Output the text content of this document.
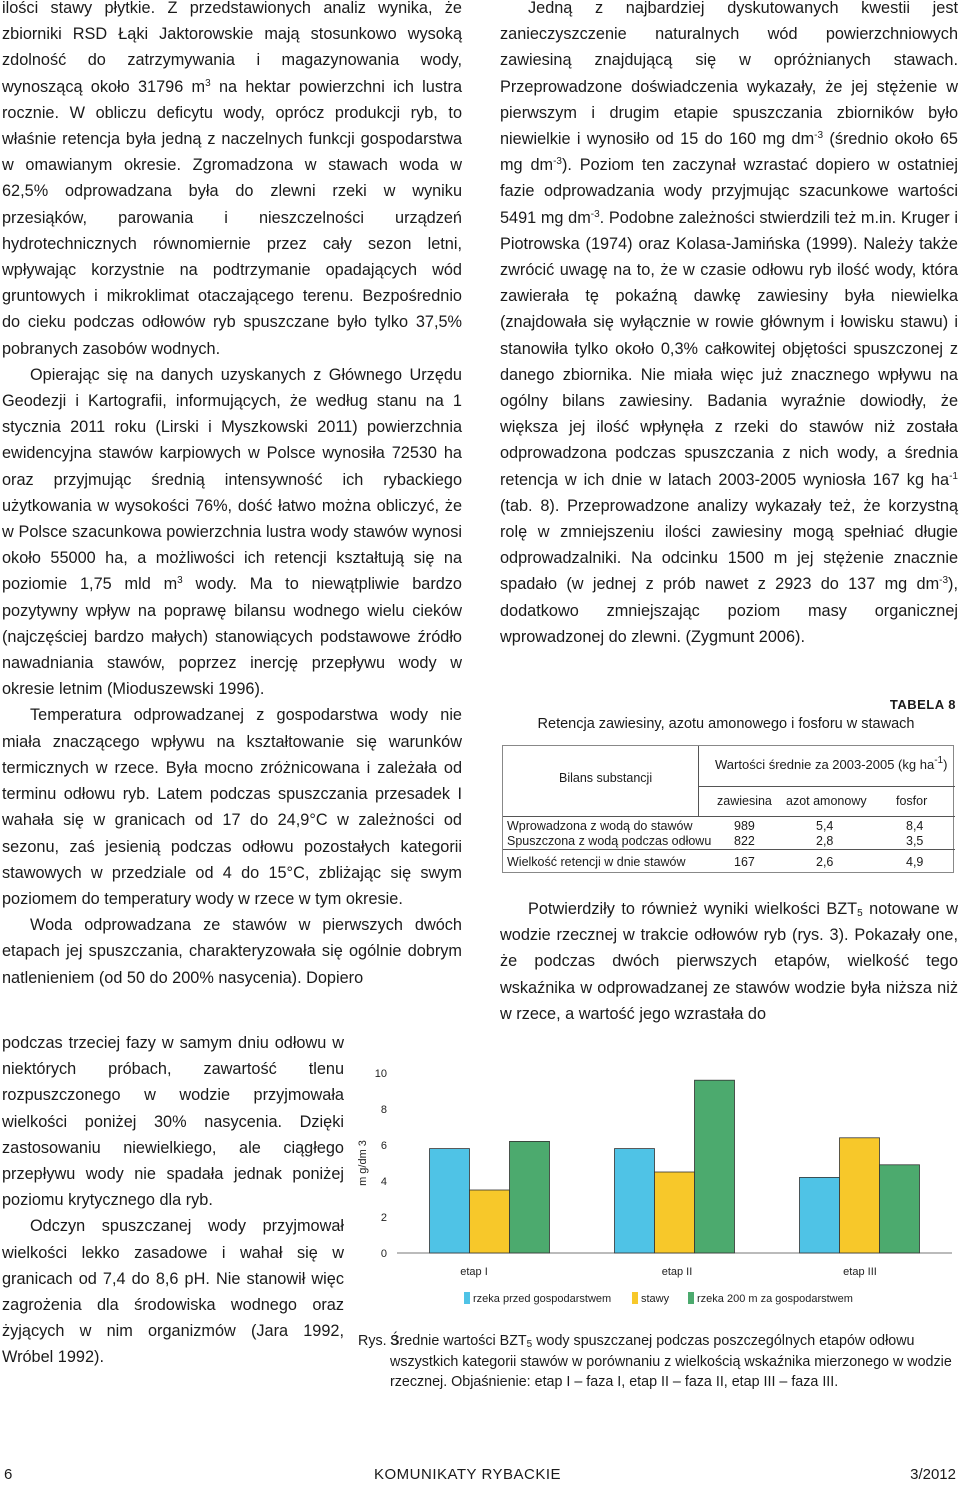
ilości stawy płytkie. Z przedstawionych analiz wynika, że zbiorniki RSD Łąki Jaktorowskie mają stosunkowo wysoką zdolność do zatrzymywania i magazynowania wody, wynoszącą około 31796 $m^3$ na hektar powierzchni ich lustra rocznie. W obliczu deficytu wody, oprócz produkcji ryb, to właśnie retencja była jedną z naczelnych funkcji gospodarstwa w omawianym okresie. Zgromadzona w stawach woda w 62,5% odprowadzana była do zlewni rzeki w wyniku przesiąków, parowania i nieszczelności urządzeń hydrotechnicznych równomiernie przez cały sezon letni, wpływając korzystnie na podtrzymanie opadających wód gruntowych i mikroklimat otaczającego terenu. Bezpośrednio do cieku podczas odłowów ryb spuszczane było tylko 37,5% pobranych zasobów wodnych.

Opierając się na danych uzyskanych z Głównego Urzędu Geodezji i Kartografii, informujących, że według stanu na 1 stycznia 2011 roku (Lirski i Myszkowski 2011) powierzchnia ewidencyjna stawów karpiowych w Polsce wynosiła 72530 ha oraz przyjmując średnią intensywność ich rybackiego użytkowania w wysokości 76%, dość łatwo można obliczyć, że w Polsce szacunkowa powierzchnia lustra wody stawów wynosi około 55000 ha, a możliwości ich retencji kształtują się na poziomie 1,75 mld $m^3$ wody. Ma to niewątpliwie bardzo pozytywny wpływ na poprawę bilansu wodnego wielu cieków (najczęściej bardzo małych) stanowiących podstawowe źródło nawadniania stawów, poprzez inercję przepływu wody w okresie letnim (Mioduszewski 1996).

Temperatura odprowadzanej z gospodarstwa wody nie miała znaczącego wpływu na kształtowanie się warunków termicznych w rzece. Była mocno zróżnicowana i zależała od terminu odłowu ryb. Latem podczas spuszczania przesadek I wahała się w granicach od 17 do 24,9°C w zależności od sezonu, zaś jesienią podczas odłowu pozostałych kategorii stawowych w przedziale od 4 do 15°C, zbliżając się swym poziomem do temperatury wody w rzece w tym okresie.

Woda odprowadzana ze stawów w pierwszych dwóch etapach jej spuszczania, charakteryzowała się ogólnie dobrym natlenieniem (od 50 do 200% nasycenia). Dopiero

podczas trzeciej fazy w samym dniu odłowu w niektórych próbach, zawartość tlenu rozpuszczonego w wodzie przyjmowała wielkości poniżej 30% nasycenia. Dzięki zastosowaniu niewielkiego, ale ciągłego przepływu wody nie spadała jednak poniżej poziomu krytycznego dla ryb.

Odczyn spuszczanej wody przyjmował wielkości lekko zasadowe i wahał się w granicach od 7,4 do 8,6 pH. Nie stanowił więc zagrożenia dla środowiska wodnego oraz żyjących w nim organizmów (Jara 1992, Wróbel 1992).

Jedną z najbardziej dyskutowanych kwestii jest zanieczyszczenie naturalnych wód powierzchniowych zawiesiną znajdującą się w opróżnianych stawach. Przeprowadzone doświadczenia wykazały, że jej stężenie w pierwszym i drugim etapie spuszczania zbiorników było niewielkie i wynosiło od 15 do 160 mg $dm^{-3}$ (średnio około 65 mg $dm^{-3}$). Poziom ten zaczynał wzrastać dopiero w ostatniej fazie odprowadzania wody przyjmując szacunkowe wartości 5491 mg $dm^{-3}$. Podobne zależności stwierdzili też m.in. Kruger i Piotrowska (1974) oraz Kolasa-Jamińska (1999). Należy także zwrócić uwagę na to, że w czasie odłowu ryb ilość wody, która zawierała tę pokaźną dawkę zawiesiny była niewielka (znajdowała się wyłącznie w rowie głównym i łowisku stawu) i stanowiła tylko około 0,3% całkowitej objętości spuszczonej z danego zbiornika. Nie miała więc już znacznego wpływu na ogólny bilans zawiesiny. Badania wyraźnie dowiodły, że większa jej ilość wpłynęła z rzeki do stawów niż została odprowadzona podczas spuszczania z nich wody, a średnia retencja w ich dnie w latach 2003-2005 wyniosła 167 kg $ha^{-1}$ (tab. 8). Przeprowadzone analizy wykazały też, że korzystną rolę w zmniejszeniu ilości zawiesiny mogą spełniać długie odprowadzalniki. Na odcinku 1500 m jej stężenie znacznie spadało (w jednej z prób nawet z 2923 do 137 mg $dm^{-3}$), dodatkowo zmniejszając poziom masy organicznej wprowadzonej do zlewni. (Zygmunt 2006).

Potwierdziły to również wyniki wielkości $BZT_5$ notowane w wodzie rzecznej w trakcie odłowów ryb (rys. 3). Pokazały one, że podczas dwóch pierwszych etapów, wielkość tego wskaźnika w odprowadzanej ze stawów wodzie była niższa niż w rzece, a wartość jego wzrastała do

TABELA 8
Retencja zawiesiny, azotu amonowego i fosforu w stawach
Bilans substancji
Wartości średnie za 2003-2005 (kg $ha^{-1}$)
zawiesina azot amonowy fosfor
Wprowadzona z wodą do stawów	989	5,4	8,4
Spuszczona z wodą podczas odłowu 822	2,8	3,5
Wielkość retencji w dnie stawów	167	2,6	4,9
0
2
4
6
8
10
m g/dm 3
etap I	etap II	etap III
rzeka przed gospodarstwem	stawy	rzeka 200 m za gospodarstwem
Rys. 3.
Średnie wartości $BZT_5$ wody spuszczanej podczas poszczególnych etapów odłowu wszystkich kategorii stawów w porównaniu z wielkością wskaźnika mierzonego w wodzie rzecznej. Objaśnienie: etap I – faza I, etap II – faza II, etap III – faza III.
6	KOMUNIKATY RYBACKIE	3/2012
